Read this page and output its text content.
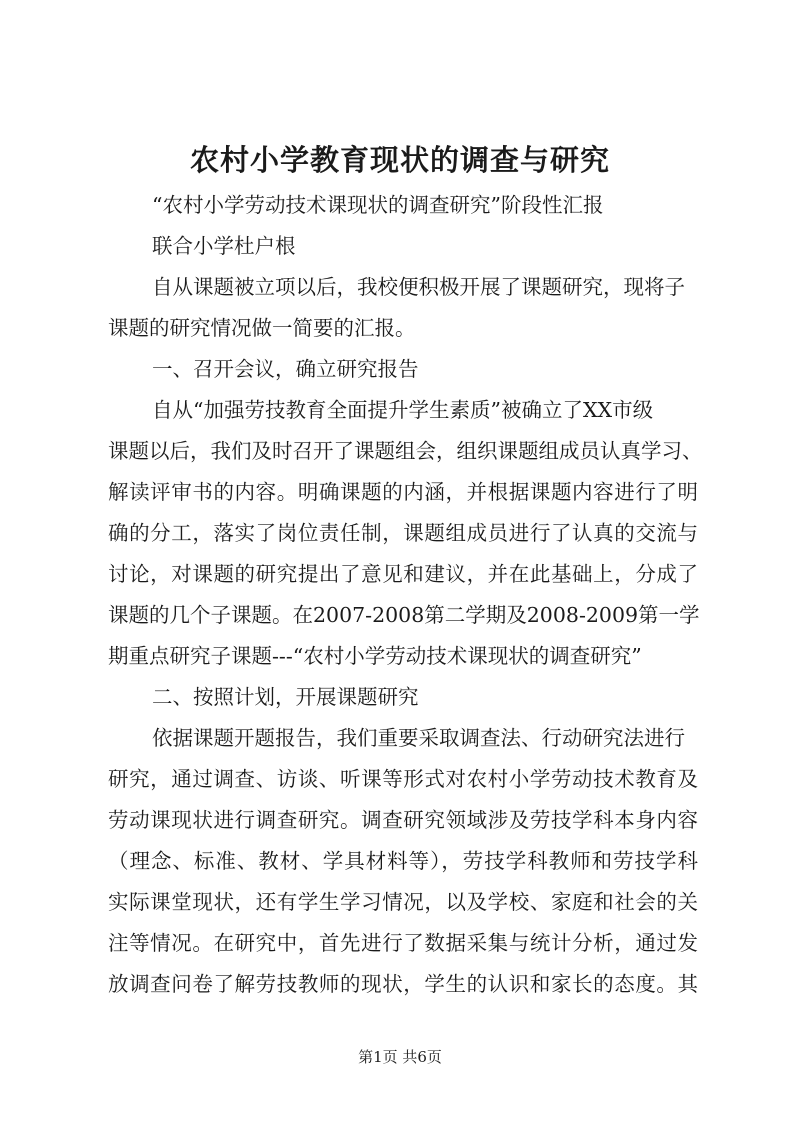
农村小学教育现状的调查与研究
“农村小学劳动技术课现状的调查研究”阶段性汇报
联合小学杜户根
自从课题被立项以后，我校便积极开展了课题研究，现将子
课题的研究情况做一简要的汇报。
一、召开会议，确立研究报告
自从“加强劳技教育全面提升学生素质”被确立了XX市级
课题以后，我们及时召开了课题组会，组织课题组成员认真学习、
解读评审书的内容。明确课题的内涵，并根据课题内容进行了明
确的分工，落实了岗位责任制，课题组成员进行了认真的交流与
讨论，对课题的研究提出了意见和建议，并在此基础上，分成了
课题的几个子课题。在2007-2008第二学期及2008-2009第一学
期重点研究子课题---“农村小学劳动技术课现状的调查研究”
二、按照计划，开展课题研究
依据课题开题报告，我们重要采取调查法、行动研究法进行
研究，通过调查、访谈、听课等形式对农村小学劳动技术教育及
劳动课现状进行调查研究。调查研究领域涉及劳技学科本身内容
（理念、标准、教材、学具材料等），劳技学科教师和劳技学科
实际课堂现状，还有学生学习情况，以及学校、家庭和社会的关
注等情况。在研究中，首先进行了数据采集与统计分析，通过发
放调查问卷了解劳技教师的现状，学生的认识和家长的态度。其
第1页 共6页
